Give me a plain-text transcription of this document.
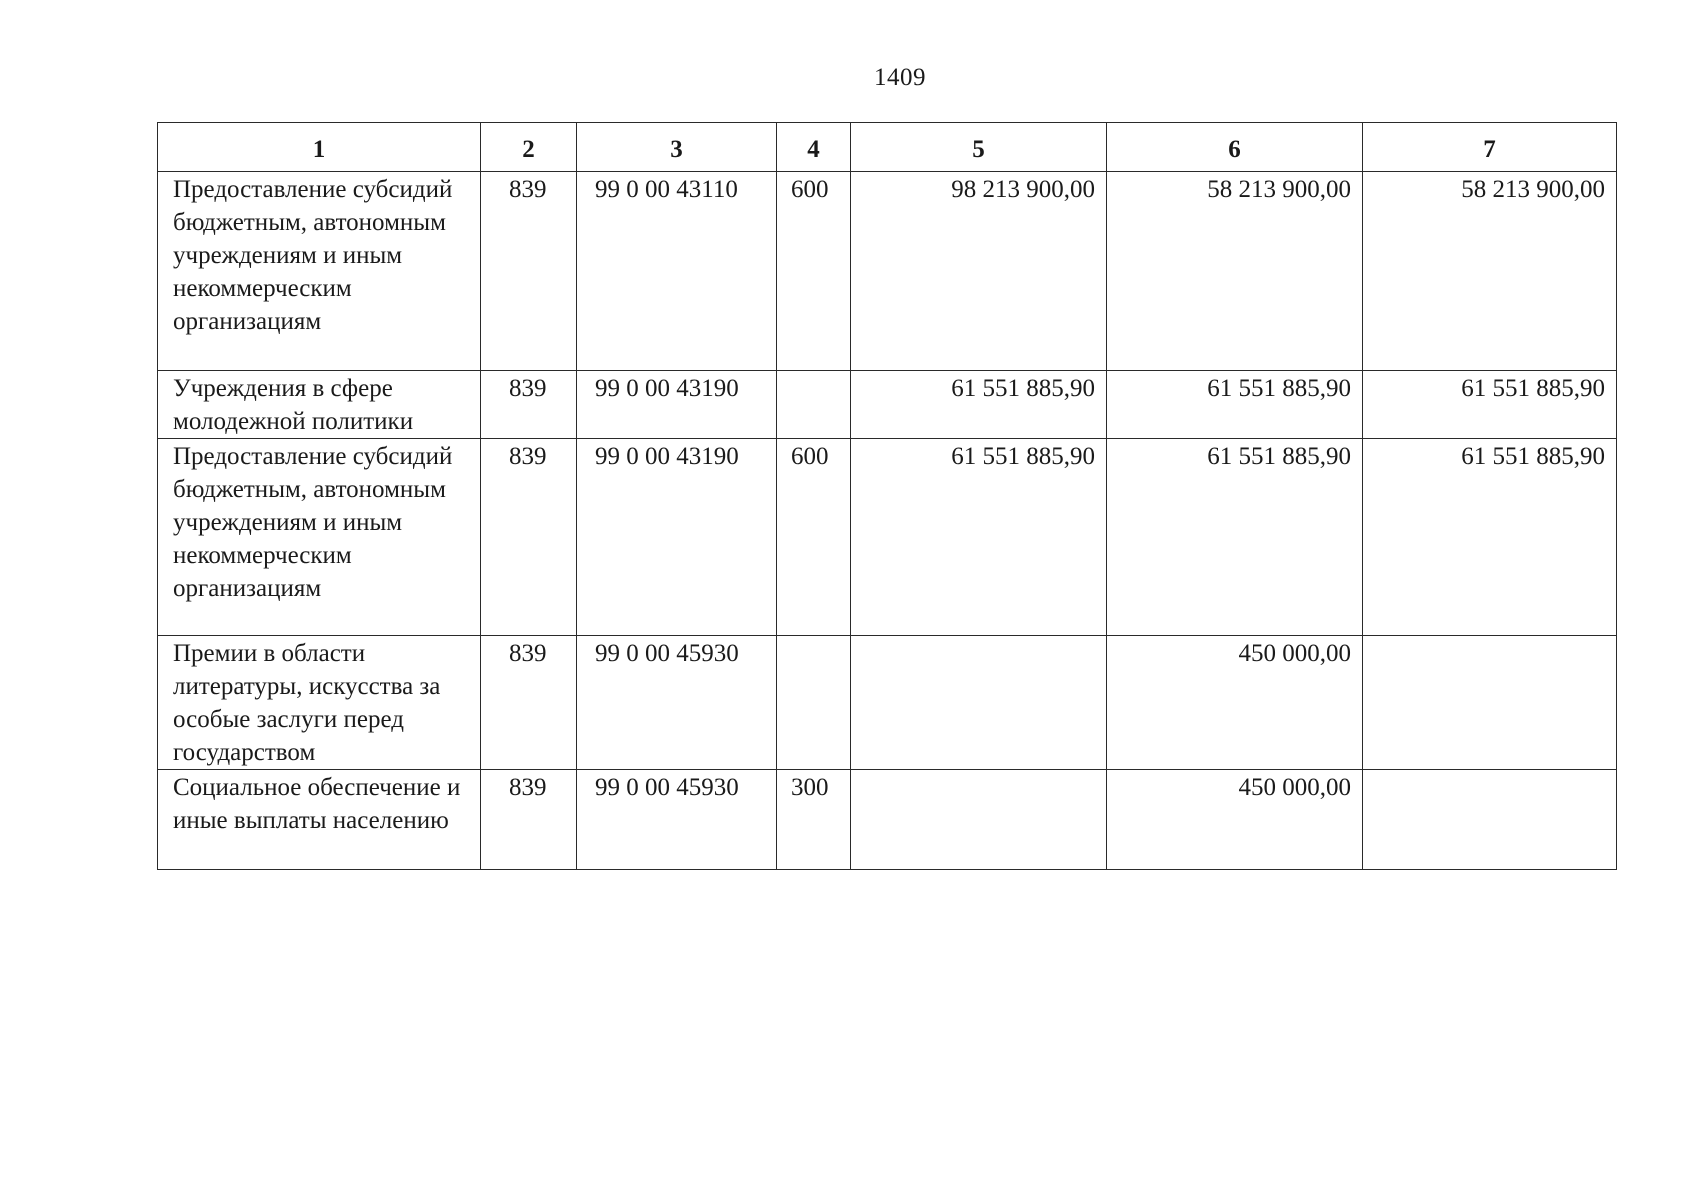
1409
1	2	3	4	5	6	7

Предоставление субсидий бюджетным, автономным учреждениям и иным некоммерческим организациям	839	99 0 00 43110	600	98 213 900,00	58 213 900,00	58 213 900,00

Учреждения в сфере молодежной политики	839	99 0 00 43190		61 551 885,90	61 551 885,90	61 551 885,90

Предоставление субсидий бюджетным, автономным учреждениям и иным некоммерческим организациям	839	99 0 00 43190	600	61 551 885,90	61 551 885,90	61 551 885,90

Премии в области литературы, искусства за особые заслуги перед государством	839	99 0 00 45930			450 000,00	

Социальное обеспечение и иные выплаты населению	839	99 0 00 45930	300		450 000,00	
